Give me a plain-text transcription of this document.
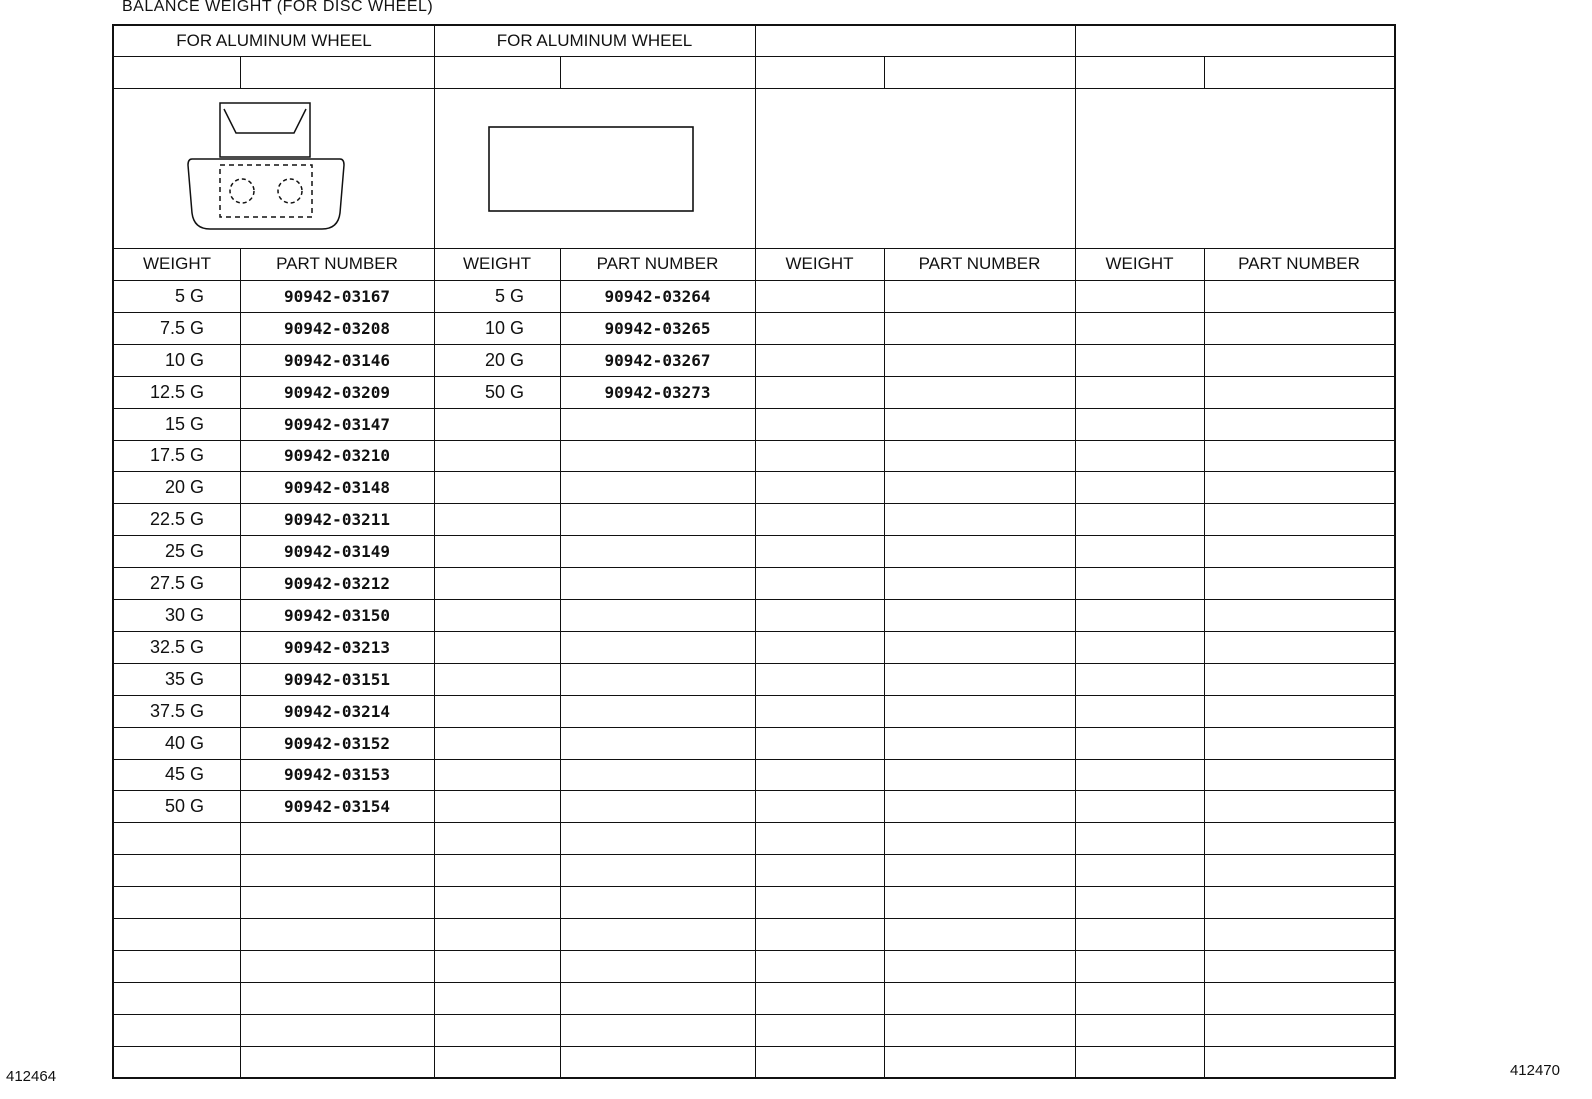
BALANCE WEIGHT (FOR DISC WHEEL)
FOR ALUMINUM WHEEL
WEIGHT	PART NUMBER
5 G	90942-03167
7.5 G	90942-03208
10 G	90942-03146
12.5 G	90942-03209
15 G	90942-03147
17.5 G	90942-03210
20 G	90942-03148
22.5 G	90942-03211
25 G	90942-03149
27.5 G	90942-03212
30 G	90942-03150
32.5 G	90942-03213
35 G	90942-03151
37.5 G	90942-03214
40 G	90942-03152
45 G	90942-03153
50 G	90942-03154
FOR ALUMINUM WHEEL
WEIGHT	PART NUMBER
5 G	90942-03264
10 G	90942-03265
20 G	90942-03267
50 G	90942-03273
WEIGHT	PART NUMBER	WEIGHT	PART NUMBER
412464	412470
